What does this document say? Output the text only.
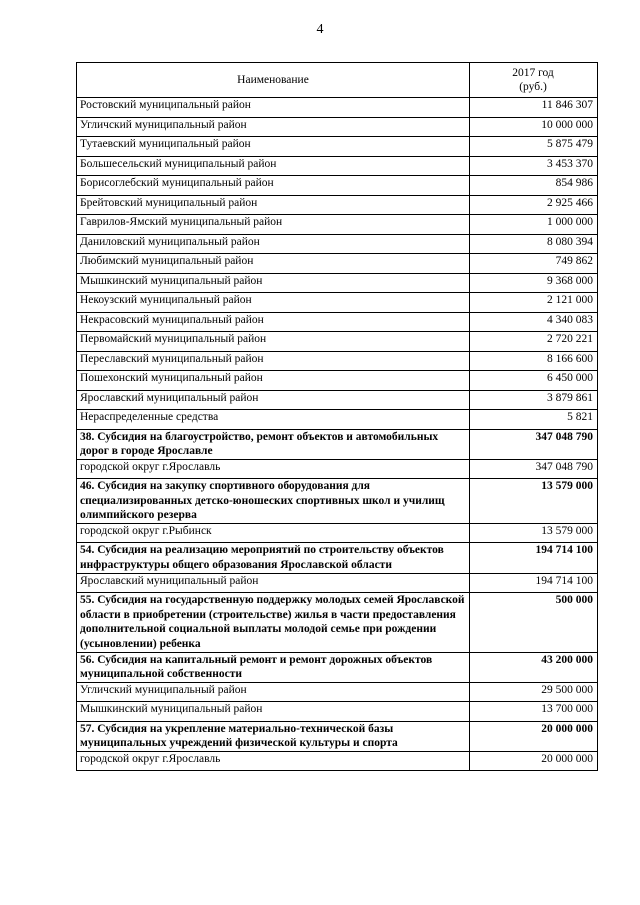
4
Наименование	2017 год
(руб.)

Ростовский муниципальный район	11 846 307
Угличский муниципальный район	10 000 000
Тутаевский муниципальный район	5 875 479
Большесельский муниципальный район	3 453 370
Борисоглебский муниципальный район	854 986
Брейтовский муниципальный район	2 925 466
Гаврилов-Ямский муниципальный район	1 000 000
Даниловский муниципальный район	8 080 394
Любимский муниципальный район	749 862
Мышкинский муниципальный район	9 368 000
Некоузский муниципальный район	2 121 000
Некрасовский муниципальный район	4 340 083
Первомайский муниципальный район	2 720 221
Переславский муниципальный район	8 166 600
Пошехонский муниципальный район	6 450 000
Ярославский муниципальный район	3 879 861
Нераспределенные средства	5 821
38. Субсидия на благоустройство, ремонт объектов и автомобильных дорог в городе Ярославле	347 048 790
городской округ г.Ярославль	347 048 790
46. Субсидия на закупку спортивного оборудования для специализированных детско-юношеских спортивных школ и училищ олимпийского резерва	13 579 000
городской округ г.Рыбинск	13 579 000
54. Субсидия на реализацию мероприятий по строительству объектов инфраструктуры общего образования Ярославской области	194 714 100
Ярославский муниципальный район	194 714 100
55. Субсидия на государственную поддержку молодых семей Ярославской области в приобретении (строительстве) жилья в части предоставления дополнительной социальной выплаты молодой семье при рождении (усыновлении) ребенка	500 000
56. Субсидия на капитальный ремонт и ремонт дорожных объектов муниципальной собственности	43 200 000
Угличский муниципальный район	29 500 000
Мышкинский муниципальный район	13 700 000
57. Субсидия на укрепление материально-технической базы муниципальных учреждений физической культуры и спорта	20 000 000
городской округ г.Ярославль	20 000 000
